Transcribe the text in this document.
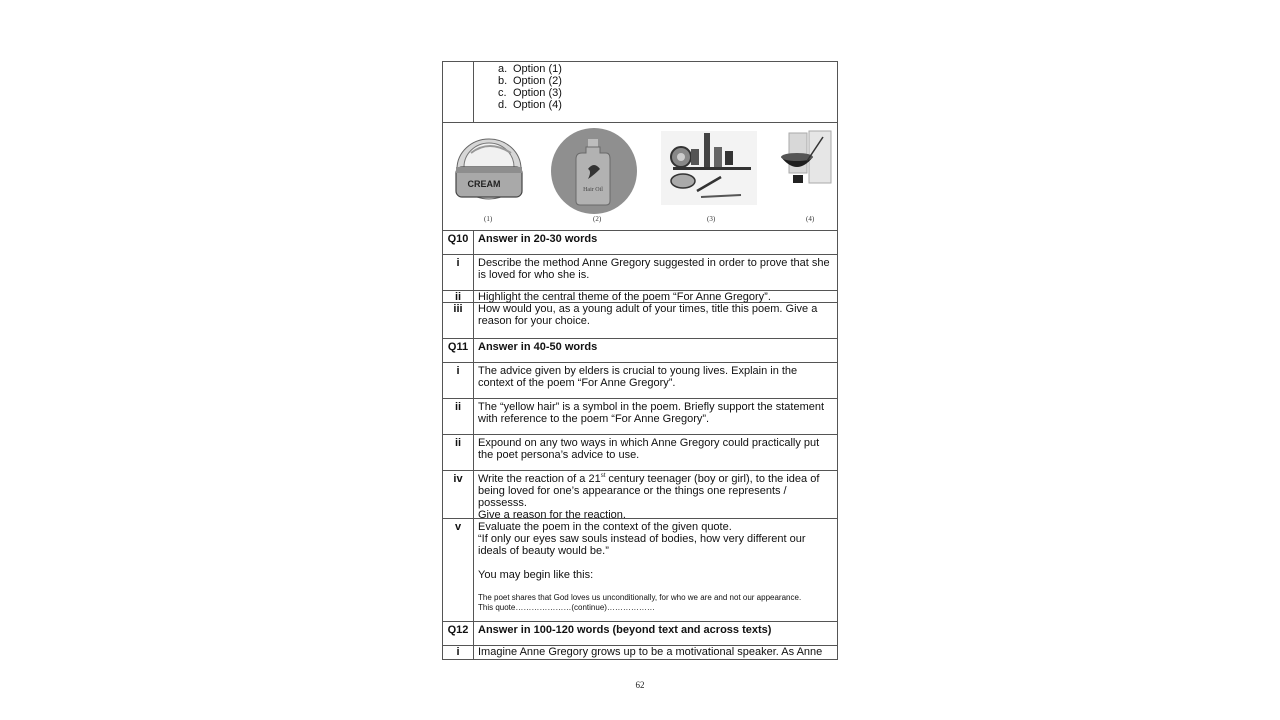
a. Option (1)
b. Option (2)
c. Option (3)
d. Option (4)
CREAM
Hair Oil
(1)	(2)	(3)	(4)
Q10 Answer in 20-30 words
i	Describe the method Anne Gregory suggested in order to prove that she is loved for who she is.
ii	Highlight the central theme of the poem “For Anne Gregory”.
iii	How would you, as a young adult of your times, title this poem. Give a reason for your choice.
Q11 Answer in 40-50 words
i	The advice given by elders is crucial to young lives. Explain in the context of the poem “For Anne Gregory”.
ii	The “yellow hair” is a symbol in the poem. Briefly support the statement with reference to the poem “For Anne Gregory”.
ii	Expound on any two ways in which Anne Gregory could practically put the poet persona’s advice to use.
iv	Write the reaction of a 21st century teenager (boy or girl), to the idea of being loved for one’s appearance or the things one represents / possesss.
Give a reason for the reaction.
v	Evaluate the poem in the context of the given quote.
“If only our eyes saw souls instead of bodies, how very different our ideals of beauty would be.”
You may begin like this:
The poet shares that God loves us unconditionally, for who we are and not our appearance.
This quote…………………(continue)………………
Q12 Answer in 100-120 words (beyond text and across texts)
i	Imagine Anne Gregory grows up to be a motivational speaker. As Anne
62
